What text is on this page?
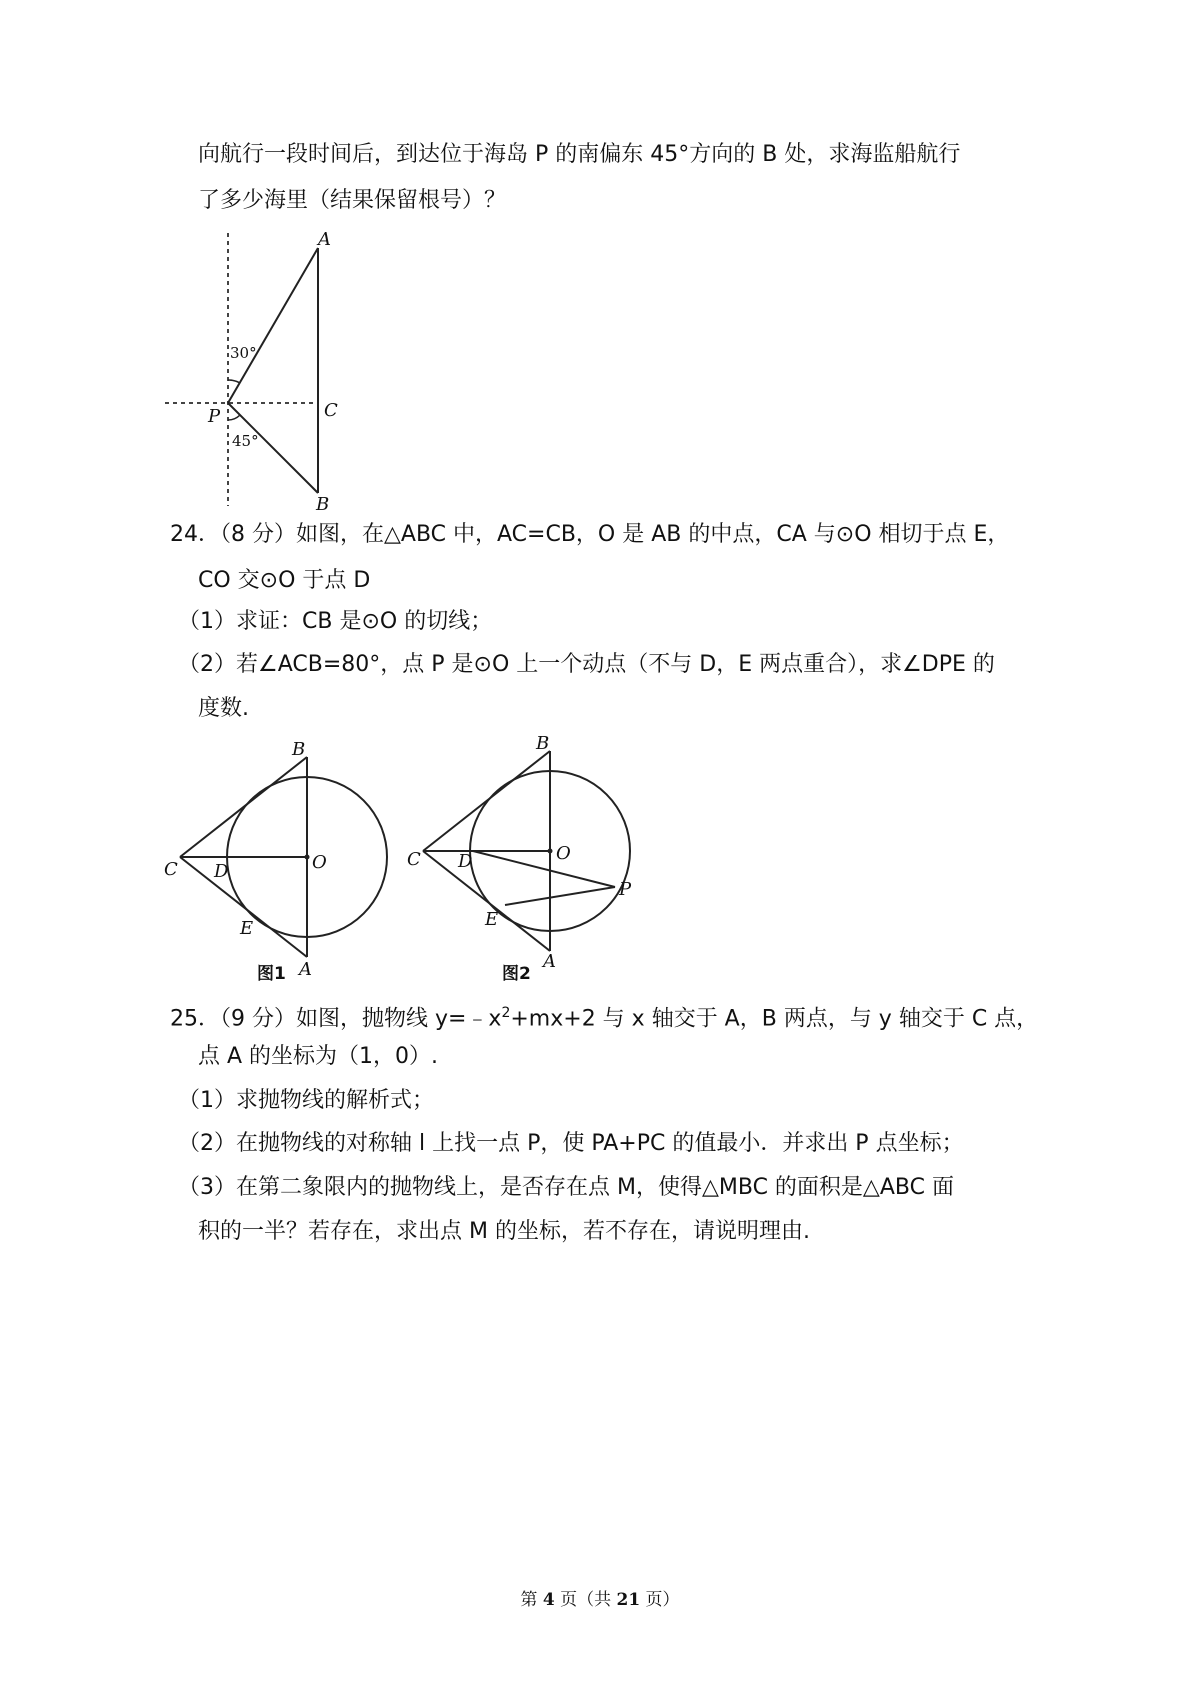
向航行一段时间后，到达位于海岛 P 的南偏东 45°方向的 B 处，求海监船航行
了多少海里（结果保留根号）？
A
P	C
B
30°
45°
24．（8 分）如图，在△ABC 中，AC=CB，O 是 AB 的中点，CA 与⊙O 相切于点 E，
CO 交⊙O 于点 D
（1）求证：CB 是⊙O 的切线；
（2）若∠ACB=80°，点 P 是⊙O 上一个动点（不与 D，E 两点重合），求∠DPE 的
度数.
B
C D	O
E
A
图1
B
C D	O
P
E
A
图2
25．（9 分）如图，抛物线 $y=﹣x^2+mx+2$ 与 x 轴交于 A，B 两点，与 y 轴交于 C 点，
点 A 的坐标为（1，0）.
（1）求抛物线的解析式；
（2）在抛物线的对称轴 l 上找一点 P，使 PA+PC 的值最小．并求出 P 点坐标；
（3）在第二象限内的抛物线上，是否存在点 M，使得△MBC 的面积是△ABC 面
积的一半？若存在，求出点 M 的坐标，若不存在，请说明理由.
第 4 页（共 21 页）
